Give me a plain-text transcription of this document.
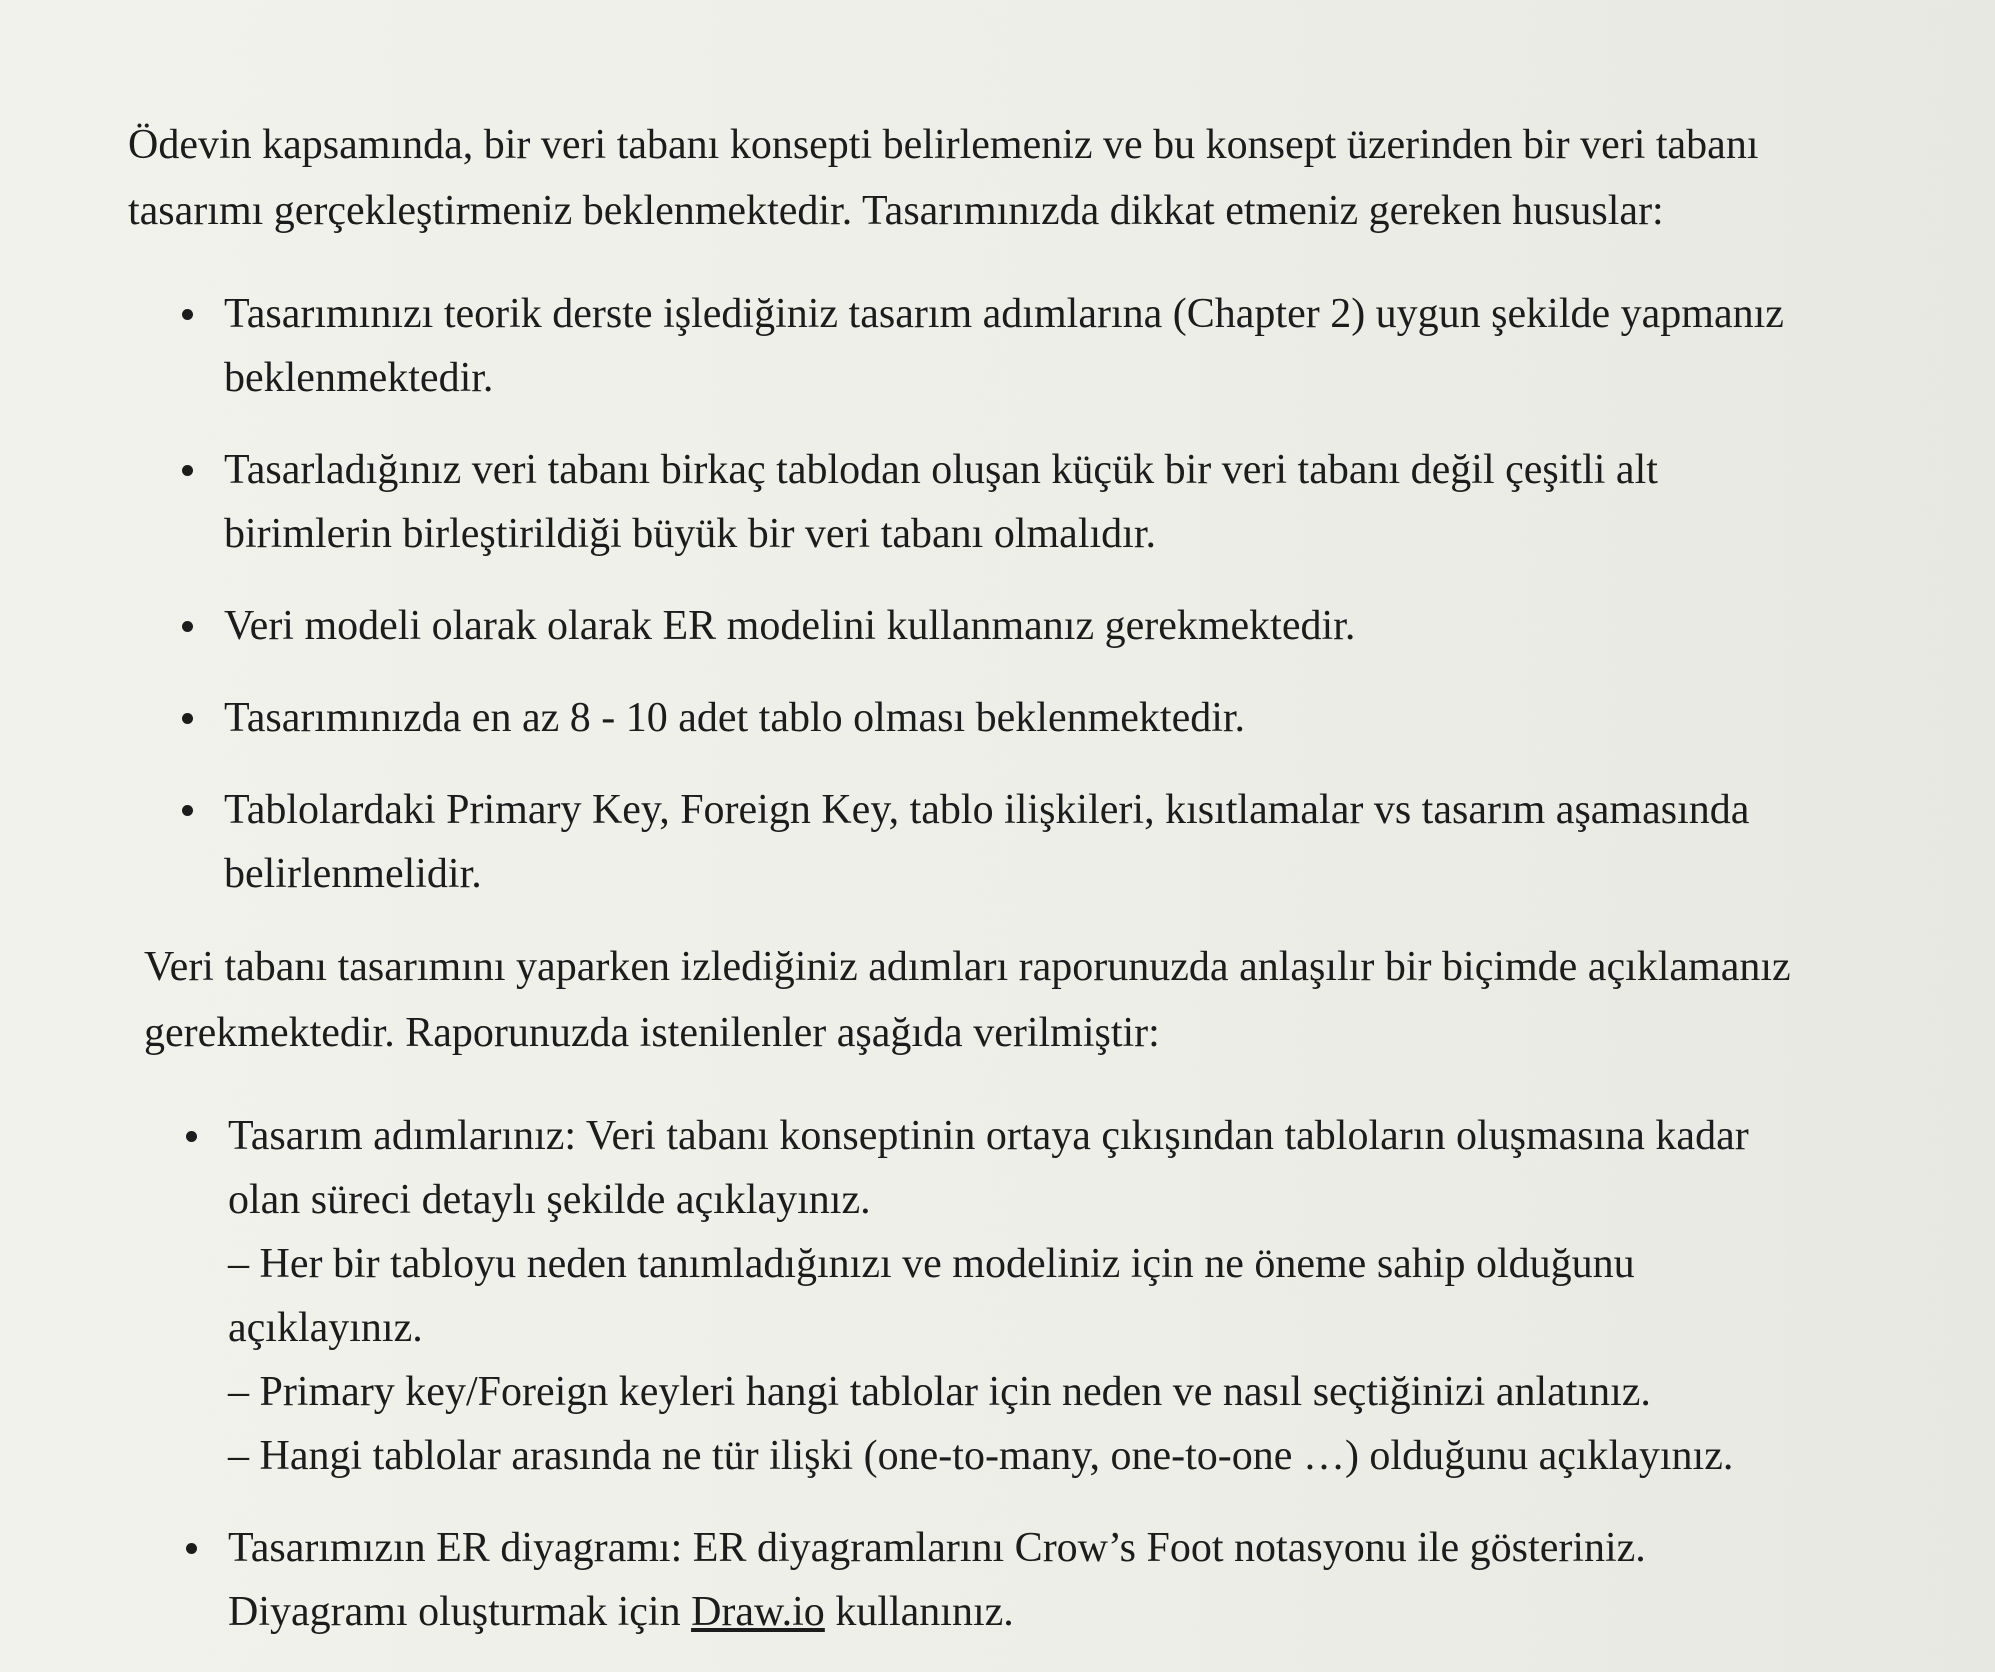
Ödevin kapsamında, bir veri tabanı konsepti belirlemeniz ve bu konsept üzerinden bir veri tabanı tasarımı gerçekleştirmeniz beklenmektedir. Tasarımınızda dikkat etmeniz gereken hususlar:

Tasarımınızı teorik derste işlediğiniz tasarım adımlarına (Chapter 2) uygun şekilde yapmanız beklenmektedir.
Tasarladığınız veri tabanı birkaç tablodan oluşan küçük bir veri tabanı değil çeşitli alt birimlerin birleştirildiği büyük bir veri tabanı olmalıdır.
Veri modeli olarak olarak ER modelini kullanmanız gerekmektedir.
Tasarımınızda en az 8 - 10 adet tablo olması beklenmektedir.
Tablolardaki Primary Key, Foreign Key, tablo ilişkileri, kısıtlamalar vs tasarım aşamasında belirlenmelidir.

Veri tabanı tasarımını yaparken izlediğiniz adımları raporunuzda anlaşılır bir biçimde açıklamanız gerekmektedir. Raporunuzda istenilenler aşağıda verilmiştir:

Tasarım adımlarınız: Veri tabanı konseptinin ortaya çıkışından tabloların oluşmasına kadar olan süreci detaylı şekilde açıklayınız.
– Her bir tabloyu neden tanımladığınızı ve modeliniz için ne öneme sahip olduğunu açıklayınız.
– Primary key/Foreign keyleri hangi tablolar için neden ve nasıl seçtiğinizi anlatınız.
– Hangi tablolar arasında ne tür ilişki (one-to-many, one-to-one …) olduğunu açıklayınız.
Tasarımızın ER diyagramı: ER diyagramlarını Crow’s Foot notasyonu ile gösteriniz. Diyagramı oluşturmak için Draw.io kullanınız.
